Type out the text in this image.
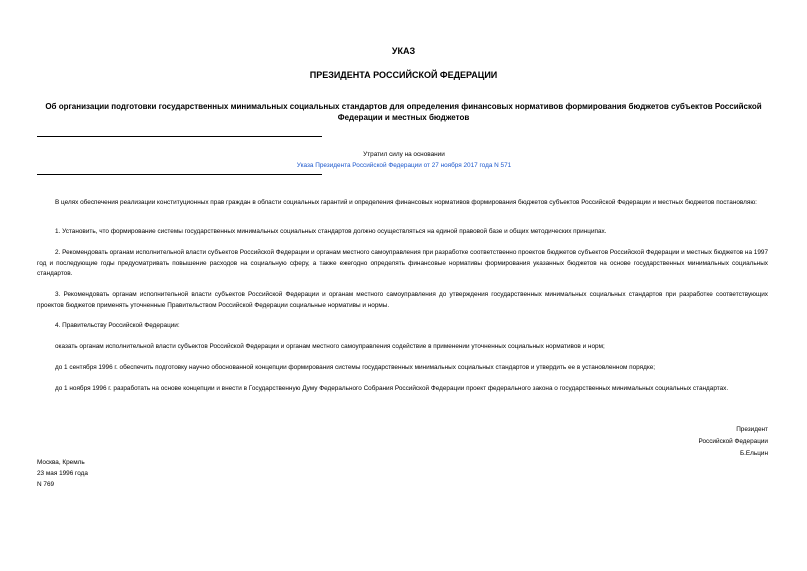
УКАЗ
ПРЕЗИДЕНТА РОССИЙСКОЙ ФЕДЕРАЦИИ
Об организации подготовки государственных минимальных социальных стандартов для определения финансовых нормативов формирования бюджетов субъектов Российской Федерации и местных бюджетов
Утратил силу на основании
Указа Президента Российской Федерации от 27 ноября 2017 года N 571
В целях обеспечения реализации конституционных прав граждан в области социальных гарантий и определения финансовых нормативов формирования бюджетов субъектов Российской Федерации и местных бюджетов постановляю:
1. Установить, что формирование системы государственных минимальных социальных стандартов должно осуществляться на единой правовой базе и общих методических принципах.
2. Рекомендовать органам исполнительной власти субъектов Российской Федерации и органам местного самоуправления при разработке соответственно проектов бюджетов субъектов Российской Федерации и местных бюджетов на 1997 год и последующие годы предусматривать повышение расходов на социальную сферу, а также ежегодно определять финансовые нормативы формирования указанных бюджетов на основе государственных минимальных социальных стандартов.
3. Рекомендовать органам исполнительной власти субъектов Российской Федерации и органам местного самоуправления до утверждения государственных минимальных социальных стандартов при разработке соответствующих проектов бюджетов применять уточненные Правительством Российской Федерации социальные нормативы и нормы.
4. Правительству Российской Федерации:
оказать органам исполнительной власти субъектов Российской Федерации и органам местного самоуправления содействие в применении уточненных социальных нормативов и норм;
до 1 сентября 1996 г. обеспечить подготовку научно обоснованной концепции формирования системы государственных минимальных социальных стандартов и утвердить ее в установленном порядке;
до 1 ноября 1996 г. разработать на основе концепции и внести в Государственную Думу Федерального Собрания Российской Федерации проект федерального закона о государственных минимальных социальных стандартах.
Президент
Российской Федерации
Б.Ельцин
Москва, Кремль
23 мая 1996 года
N 769
